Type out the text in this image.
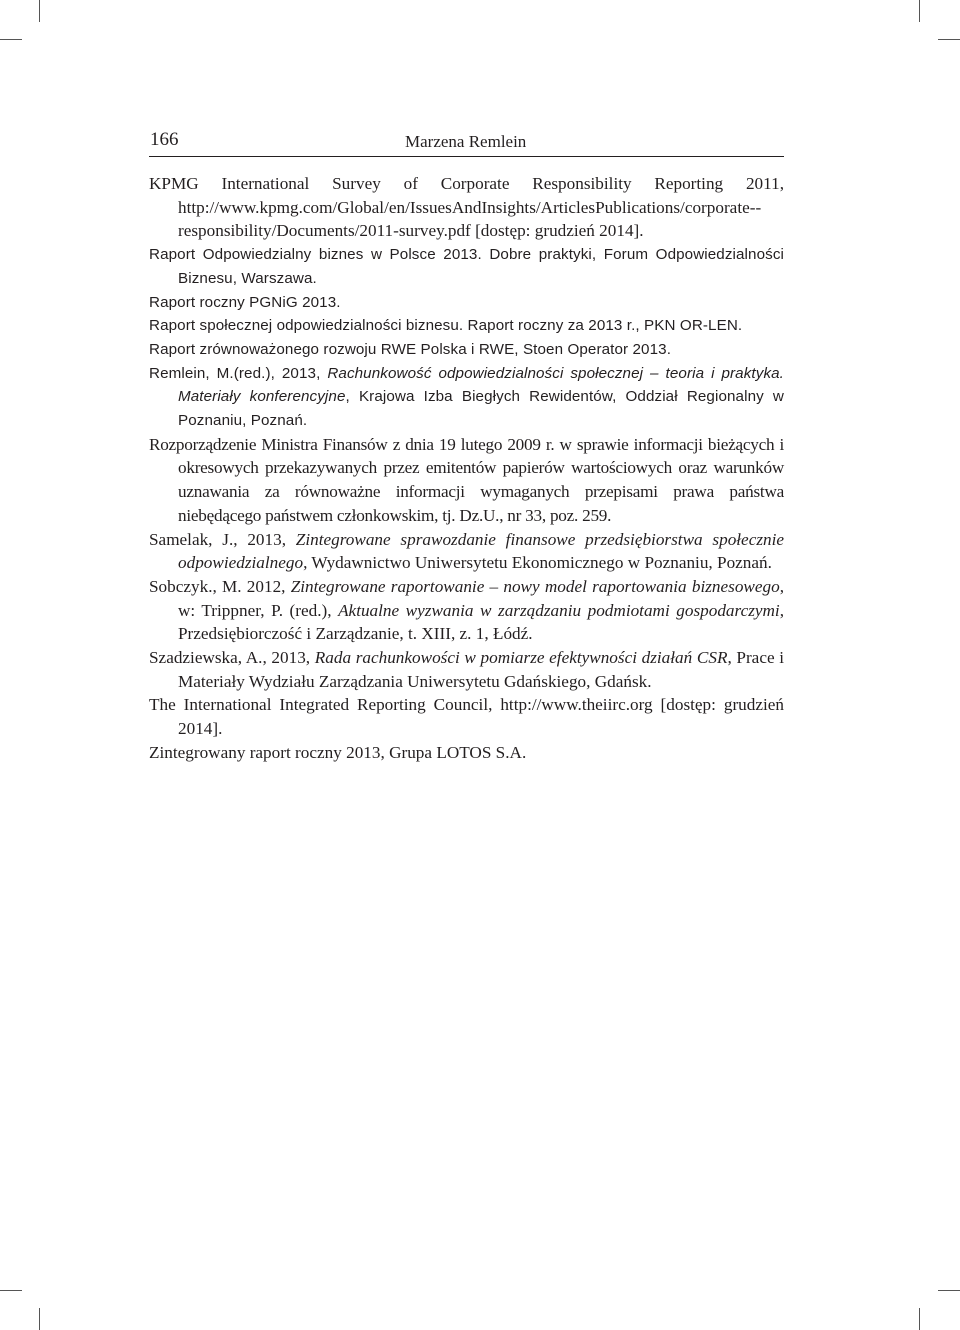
166	Marzena Remlein
KPMG International Survey of Corporate Responsibility Reporting 2011, http://www.kpmg.com/Global/en/IssuesAndInsights/ArticlesPublications/corporate--responsibility/Documents/2011-survey.pdf [dostęp: grudzień 2014].
Raport Odpowiedzialny biznes w Polsce 2013. Dobre praktyki, Forum Odpowiedzialności Biznesu, Warszawa.
Raport roczny PGNiG 2013.
Raport społecznej odpowiedzialności biznesu. Raport roczny za 2013 r., PKN OR-LEN.
Raport zrównoważonego rozwoju RWE Polska i RWE, Stoen Operator 2013.
Remlein, M.(red.), 2013, Rachunkowość odpowiedzialności społecznej – teoria i praktyka. Materiały konferencyjne, Krajowa Izba Biegłych Rewidentów, Oddział Regionalny w Poznaniu, Poznań.
Rozporządzenie Ministra Finansów z dnia 19 lutego 2009 r. w sprawie informacji bieżących i okresowych przekazywanych przez emitentów papierów wartościowych oraz warunków uznawania za równoważne informacji wymaganych przepisami prawa państwa niebędącego państwem członkowskim, tj. Dz.U., nr 33, poz. 259.
Samelak, J., 2013, Zintegrowane sprawozdanie finansowe przedsiębiorstwa społecznie odpowiedzialnego, Wydawnictwo Uniwersytetu Ekonomicznego w Poznaniu, Poznań.
Sobczyk., M. 2012, Zintegrowane raportowanie – nowy model raportowania biznesowego, w: Trippner, P. (red.), Aktualne wyzwania w zarządzaniu podmiotami gospodarczymi, Przedsiębiorczość i Zarządzanie, t. XIII, z. 1, Łódź.
Szadziewska, A., 2013, Rada rachunkowości w pomiarze efektywności działań CSR, Prace i Materiały Wydziału Zarządzania Uniwersytetu Gdańskiego, Gdańsk.
The International Integrated Reporting Council, http://www.theiirc.org [dostęp: grudzień 2014].
Zintegrowany raport roczny 2013, Grupa LOTOS S.A.
